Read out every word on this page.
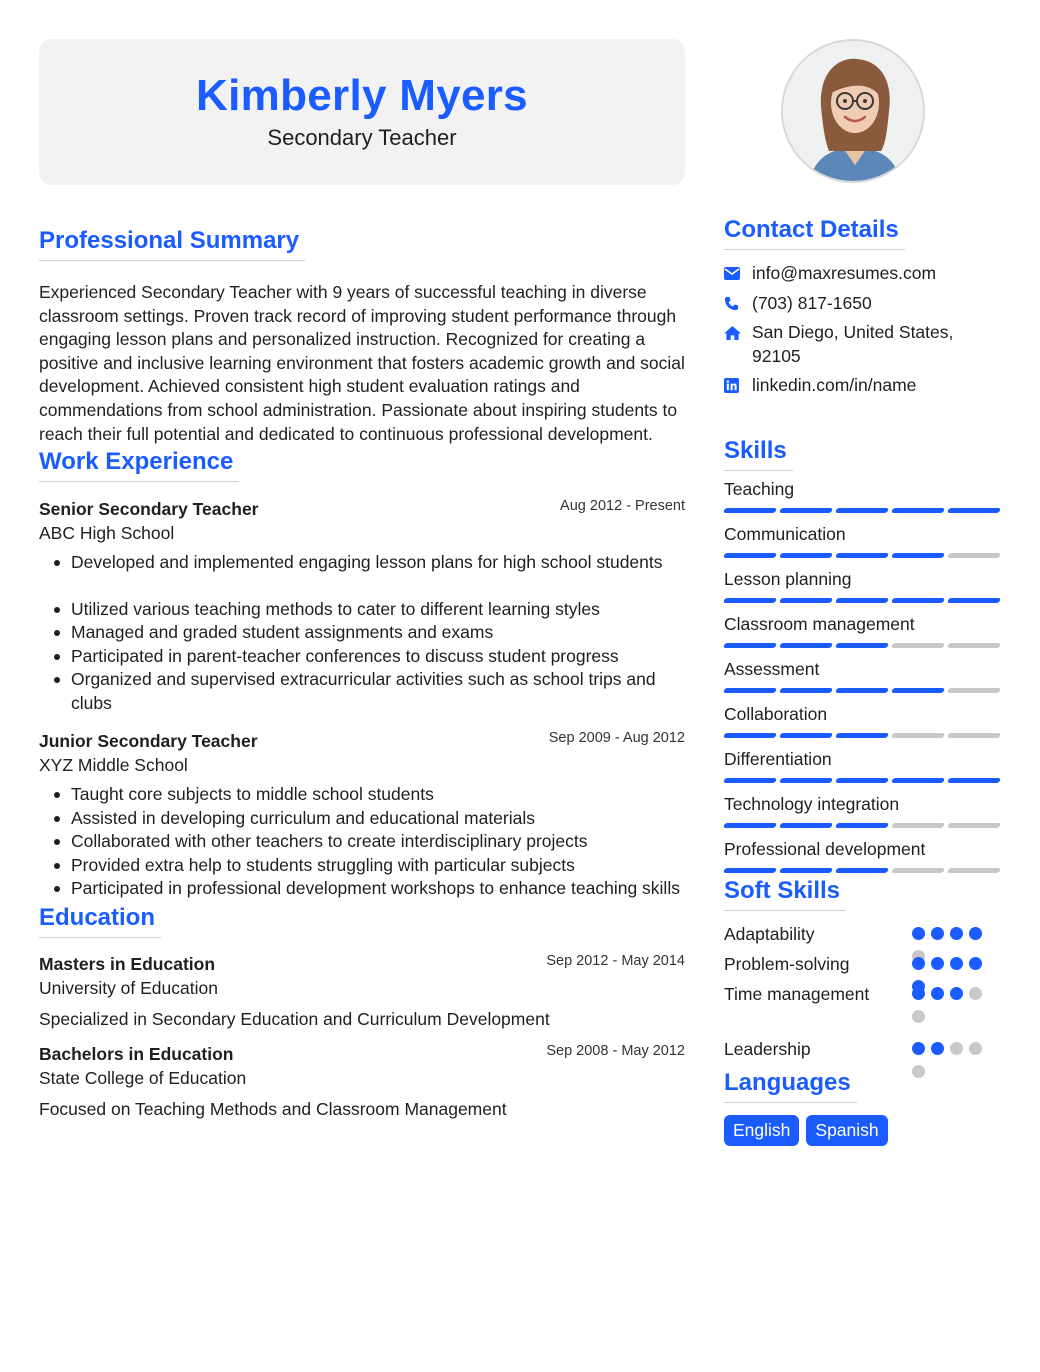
Kimberly Myers
Secondary Teacher
Professional Summary

Experienced Secondary Teacher with 9 years of successful teaching in diverse classroom settings. Proven track record of improving student performance through engaging lesson plans and personalized instruction. Recognized for creating a positive and inclusive learning environment that fosters academic growth and social development. Achieved consistent high student evaluation ratings and commendations from school administration. Passionate about inspiring students to reach their full potential and dedicated to continuous professional development.

Work Experience
Senior Secondary Teacher	Aug 2012 - Present
ABC High School
Developed and implemented engaging lesson plans for high school students
Utilized various teaching methods to cater to different learning styles
Managed and graded student assignments and exams
Participated in parent-teacher conferences to discuss student progress
Organized and supervised extracurricular activities such as school trips and clubs
Junior Secondary Teacher	Sep 2009 - Aug 2012
XYZ Middle School
Taught core subjects to middle school students
Assisted in developing curriculum and educational materials
Collaborated with other teachers to create interdisciplinary projects
Provided extra help to students struggling with particular subjects
Participated in professional development workshops to enhance teaching skills
Education
Masters in Education	Sep 2012 - May 2014
University of Education
Specialized in Secondary Education and Curriculum Development
Bachelors in Education	Sep 2008 - May 2012
State College of Education
Focused on Teaching Methods and Classroom Management
Contact Details
info@maxresumes.com
(703) 817-1650
San Diego, United States, 92105
linkedin.com/in/name
Skills
Teaching
Communication
Lesson planning
Classroom management
Assessment
Collaboration
Differentiation
Technology integration
Professional development
Soft Skills
Adaptability
Problem-solving
Time management
Leadership
Languages
English	Spanish
